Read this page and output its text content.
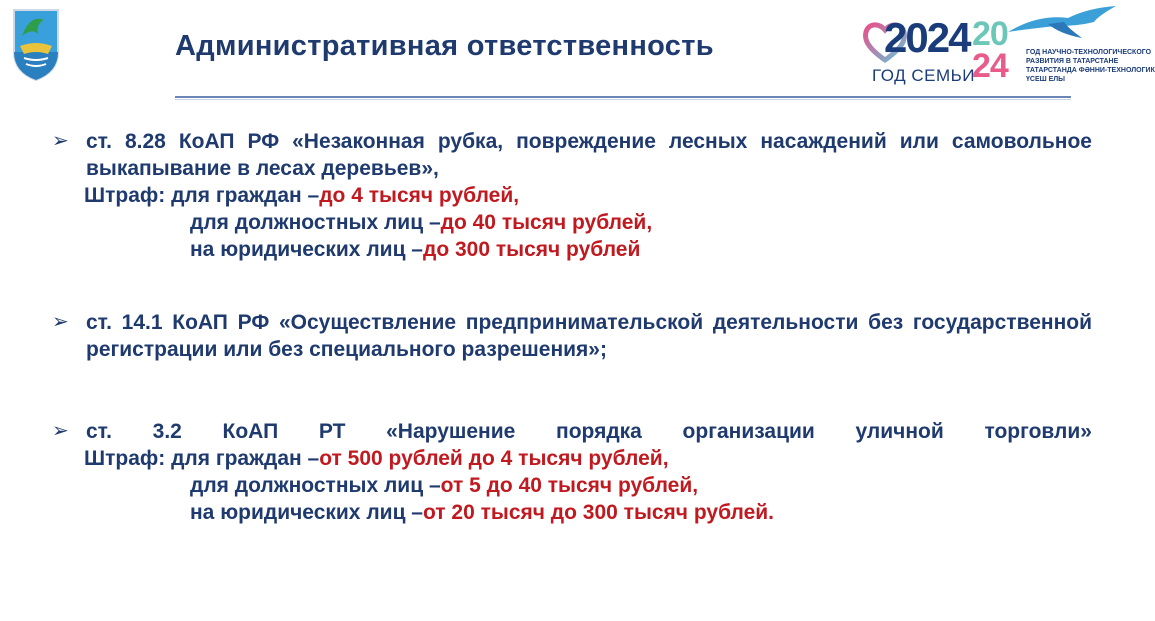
Административная ответственность	2024
ГОД СЕМЬИ
20
24	ГОД НАУЧНО-ТЕХНОЛОГИЧЕСКОГО
РАЗВИТИЯ В ТАТАРСТАНЕ
ТАТАРСТАНДА ФӘННИ-ТЕХНОЛОГИК
ҮСЕШ ЕЛЫ
➢ ст. 8.28 КоАП РФ «Незаконная рубка, повреждение лесных насаждений или самовольное выкапывание в лесах деревьев»,
Штраф: для граждан –до 4 тысяч рублей,
для должностных лиц –до 40 тысяч рублей,
на юридических лиц –до 300 тысяч рублей
➢ ст. 14.1 КоАП РФ «Осуществление предпринимательской деятельности без государственной регистрации или без специального разрешения»;
➢ ст. 3.2 КоАП РТ «Нарушение порядка организации уличной торговли»
Штраф: для граждан –от 500 рублей до 4 тысяч рублей,
для должностных лиц –от 5 до 40 тысяч рублей,
на юридических лиц –от 20 тысяч до 300 тысяч рублей.
